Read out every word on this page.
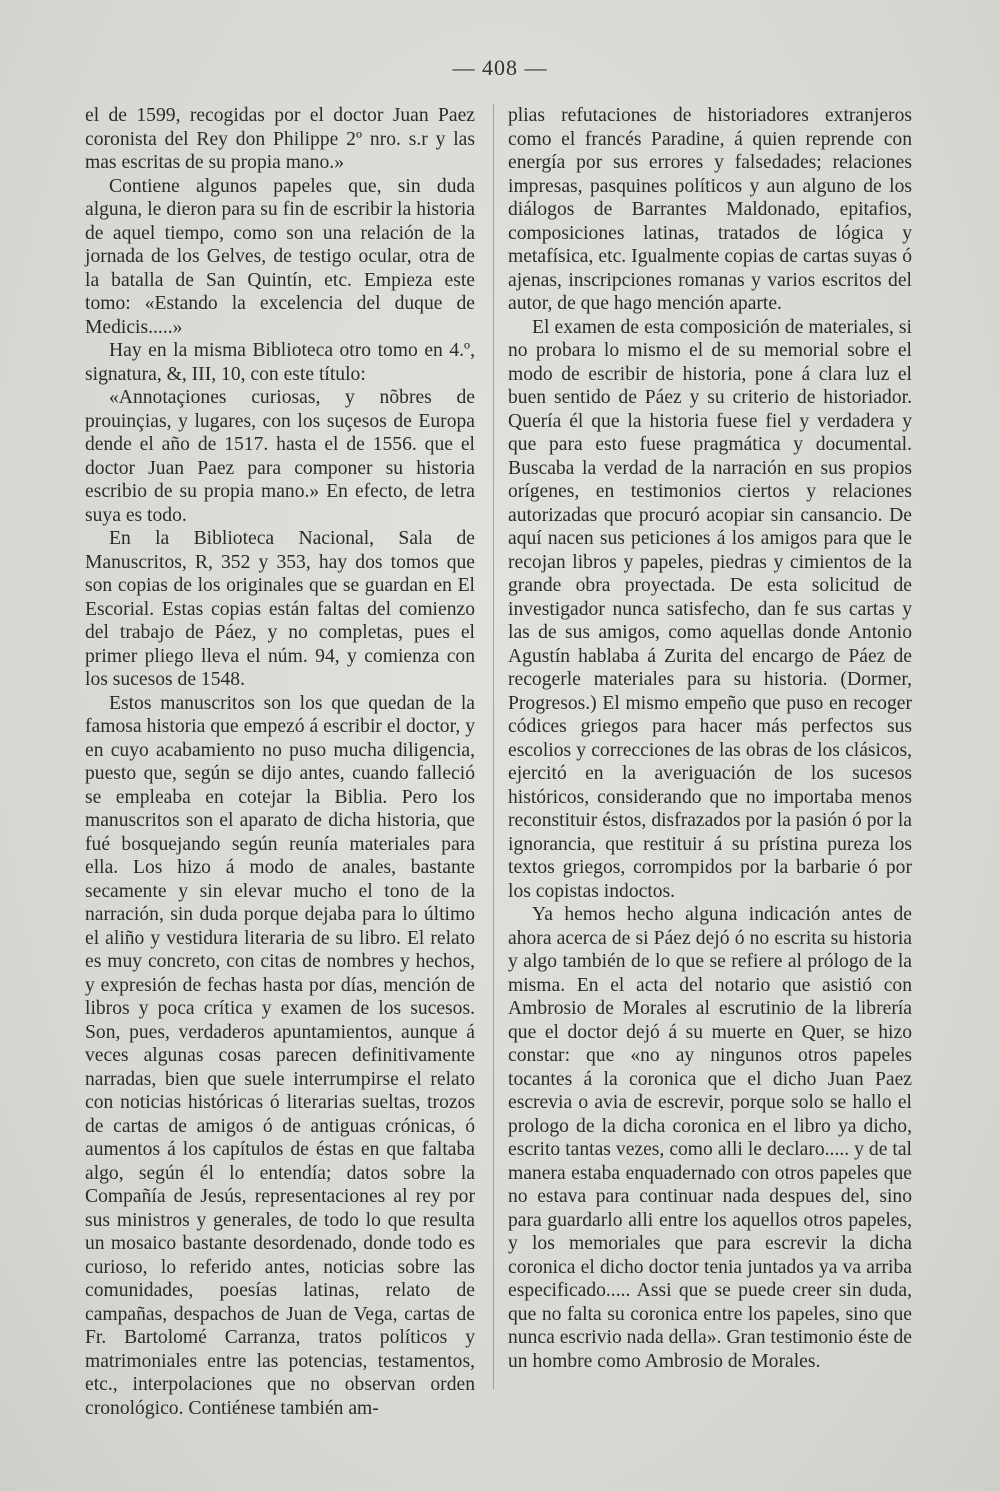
— 408 —

el de 1599, recogidas por el doctor Juan Paez coronista del Rey don Philippe 2º nro. s.r y las mas escritas de su propia mano.»

Contiene algunos papeles que, sin duda alguna, le dieron para su fin de escribir la historia de aquel tiempo, como son una relación de la jornada de los Gelves, de testigo ocular, otra de la batalla de San Quintín, etc. Empieza este tomo: «Estando la excelencia del duque de Medicis.....»

Hay en la misma Biblioteca otro tomo en 4.º, signatura, &, III, 10, con este título:

«Annotaçiones curiosas, y nõbres de prouinçias, y lugares, con los suçesos de Europa dende el año de 1517. hasta el de 1556. que el doctor Juan Paez para componer su historia escribio de su propia mano.» En efecto, de letra suya es todo.

En la Biblioteca Nacional, Sala de Manuscritos, R, 352 y 353, hay dos tomos que son copias de los originales que se guardan en El Escorial. Estas copias están faltas del comienzo del trabajo de Páez, y no completas, pues el primer pliego lleva el núm. 94, y comienza con los sucesos de 1548.

Estos manuscritos son los que quedan de la famosa historia que empezó á escribir el doctor, y en cuyo acabamiento no puso mucha diligencia, puesto que, según se dijo antes, cuando falleció se empleaba en cotejar la Biblia. Pero los manuscritos son el aparato de dicha historia, que fué bosquejando según reunía materiales para ella. Los hizo á modo de anales, bastante secamente y sin elevar mucho el tono de la narración, sin duda porque dejaba para lo último el aliño y vestidura literaria de su libro. El relato es muy concreto, con citas de nombres y hechos, y expresión de fechas hasta por días, mención de libros y poca crítica y examen de los sucesos. Son, pues, verdaderos apuntamientos, aunque á veces algunas cosas parecen definitivamente narradas, bien que suele interrumpirse el relato con noticias históricas ó literarias sueltas, trozos de cartas de amigos ó de antiguas crónicas, ó aumentos á los capítulos de éstas en que faltaba algo, según él lo entendía; datos sobre la Compañía de Jesús, representaciones al rey por sus ministros y generales, de todo lo que resulta un mosaico bastante desordenado, donde todo es curioso, lo referido antes, noticias sobre las comunidades, poesías latinas, relato de campañas, despachos de Juan de Vega, cartas de Fr. Bartolomé Carranza, tratos políticos y matrimoniales entre las potencias, testamentos, etc., interpolaciones que no observan orden cronológico. Contiénese también am-

plias refutaciones de historiadores extranjeros como el francés Paradine, á quien reprende con energía por sus errores y falsedades; relaciones impresas, pasquines políticos y aun alguno de los diálogos de Barrantes Maldonado, epitafios, composiciones latinas, tratados de lógica y metafísica, etc. Igualmente copias de cartas suyas ó ajenas, inscripciones romanas y varios escritos del autor, de que hago mención aparte.

El examen de esta composición de materiales, si no probara lo mismo el de su memorial sobre el modo de escribir de historia, pone á clara luz el buen sentido de Páez y su criterio de historiador. Quería él que la historia fuese fiel y verdadera y que para esto fuese pragmática y documental. Buscaba la verdad de la narración en sus propios orígenes, en testimonios ciertos y relaciones autorizadas que procuró acopiar sin cansancio. De aquí nacen sus peticiones á los amigos para que le recojan libros y papeles, piedras y cimientos de la grande obra proyectada. De esta solicitud de investigador nunca satisfecho, dan fe sus cartas y las de sus amigos, como aquellas donde Antonio Agustín hablaba á Zurita del encargo de Páez de recogerle materiales para su historia. (Dormer, Progresos.) El mismo empeño que puso en recoger códices griegos para hacer más perfectos sus escolios y correcciones de las obras de los clásicos, ejercitó en la averiguación de los sucesos históricos, considerando que no importaba menos reconstituir éstos, disfrazados por la pasión ó por la ignorancia, que restituir á su prístina pureza los textos griegos, corrompidos por la barbarie ó por los copistas indoctos.

Ya hemos hecho alguna indicación antes de ahora acerca de si Páez dejó ó no escrita su historia y algo también de lo que se refiere al prólogo de la misma. En el acta del notario que asistió con Ambrosio de Morales al escrutinio de la librería que el doctor dejó á su muerte en Quer, se hizo constar: que «no ay ningunos otros papeles tocantes á la coronica que el dicho Juan Paez escrevia o avia de escrevir, porque solo se hallo el prologo de la dicha coronica en el libro ya dicho, escrito tantas vezes, como alli le declaro..... y de tal manera estaba enquadernado con otros papeles que no estava para continuar nada despues del, sino para guardarlo alli entre los aquellos otros papeles, y los memoriales que para escrevir la dicha coronica el dicho doctor tenia juntados ya va arriba especificado..... Assi que se puede creer sin duda, que no falta su coronica entre los papeles, sino que nunca escrivio nada della». Gran testimonio éste de un hombre como Ambrosio de Morales.
